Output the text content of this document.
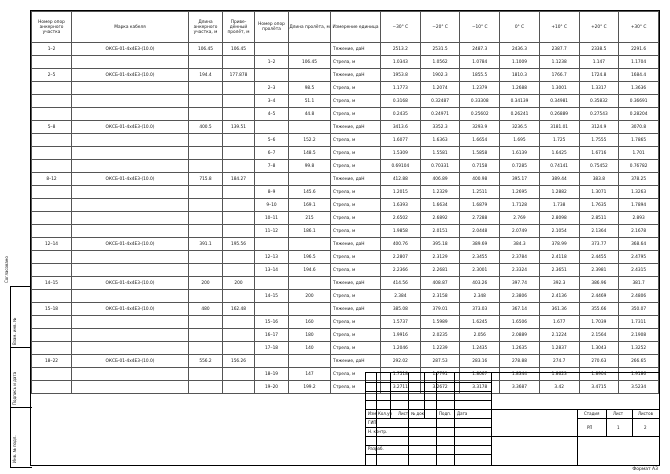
Согласовано
Взам. инв. №
Подпись и дата
Инв. № подл.
Номер опор анкерного участка	Марка кабеля	Длина анкерного участка, м	Приведённый пролёт, м	Номер опор пролёта	Длина пролёта, м	Измерение единица	−30° С	−20° С	−10° С	0° С	+10° С	+20° С	+30° С
1–2	ОКСБ-01-4х4Е3-(10.0)	106.45	106.45			Тяжение, даН	2513.2	2531.5	2487.3	2436.3	2387.7	2338.5	2291.6
				1–2	106.45	Стрела, м	1.0343	1.0562	1.0784	1.1009	1.1238	1.147	1.1704
2–5	ОКСБ-01-4х4Е3-(10.0)	194.4	177.878			Тяжение, даН	1953.8	1902.3	1855.5	1810.3	1766.7	1724.8	1684.4
				2–3	98.5	Стрела, м	1.1773	1.2074	1.2379	1.2688	1.3001	1.3317	1.3636
				3–4	51.1	Стрела, м	0.3168	0.32487	0.33308	0.34139	0.34981	0.35832	0.36691
				4–5	44.8	Стрела, м	0.2435	0.24971	0.25602	0.26241	0.26889	0.27543	0.28204
5–8	ОКСБ-01-4х4Е3-(10.0)	400.5	139.51			Тяжение, даН	3413.6	3352.3	3293.9	3236.5	3181.01	3124.9	3070.8
				5–6	152.2	Стрела, м	1.6077	1.6363	1.6654	1.695	1.725	1.7555	1.7865
				6–7	148.5	Стрела, м	1.5309	1.5581	1.5858	1.6139	1.6425	1.6716	1.701
				7–8	99.8	Стрела, м	0.69104	0.70331	0.7158	0.7285	0.74141	0.75452	0.76782
8–12	ОКСБ-01-4х4Е3-(10.0)	715.8	184.27			Тяжение, даН	412.88	406.89	400.98	395.17	389.44	383.8	378.25
				8–9	145.6	Стрела, м	1.2015	1.2329	1.2511	1.2695	1.2882	1.3071	1.3263
				9–10	169.1	Стрела, м	1.6393	1.6634	1.6879	1.7128	1.738	1.7635	1.7894
				10–11	215	Стрела, м	2.6502	2.6892	2.7288	2.769	2.8098	2.8511	2.893
				11–12	186.1	Стрела, м	1.9858	2.0151	2.0448	2.0749	2.1054	2.1364	2.1678
12–14	ОКСБ-01-4х4Е3-(10.0)	391.1	195.56			Тяжение, даН	400.76	395.18	389.69	384.3	378.99	373.77	368.64
				12–13	196.5	Стрела, м	2.2807	2.3129	2.3455	2.3784	2.4118	2.4455	2.4795
				13–14	194.6	Стрела, м	2.2366	2.2681	2.3001	2.3324	2.3651	2.3981	2.4315
14–15	ОКСБ-01-4х4Е3-(10.0)	200	200			Тяжение, даН	414.56	408.87	403.26	397.74	392.3	386.96	381.7
				14–15	200	Стрела, м	2.384	2.3158	2.348	2.3806	2.4136	2.4469	2.4806
15–18	ОКСБ-01-4х4Е3-(10.0)	480	162.48			Тяжение, даН	385.08	379.01	373.03	367.14	361.36	355.66	350.07
				15–16	160	Стрела, м	1.5737	1.5989	1.6245	1.6506	1.677	1.7039	1.7311
				16–17	180	Стрела, м	1.9916	2.0235	2.056	2.0889	2.1224	2.1564	2.1908
				17–18	140	Стрела, м	1.2046	1.2239	1.2435	1.2635	1.2837	1.3043	1.3252
18–22	ОКСБ-01-4х4Е3-(10.0)	556.2	156.26			Тяжение, даН	292.02	287.53	283.16	278.88	274.7	270.63	266.65
				18–19	147	Стрела, м	1.7518	1.7791	1.8067	1.8344	1.8623	1.8904	1.9186
				19–20	199.2	Стрела, м	3.2711	3.2672	3.3178	3.3687	3.42	3.4715	3.5234
Изм. Кол.уч Лист № док.	Подп. Дата
ГИП
Н. контр.
Разраб.
Стадия	Лист	Листов
РП	1	2
Формат А3
